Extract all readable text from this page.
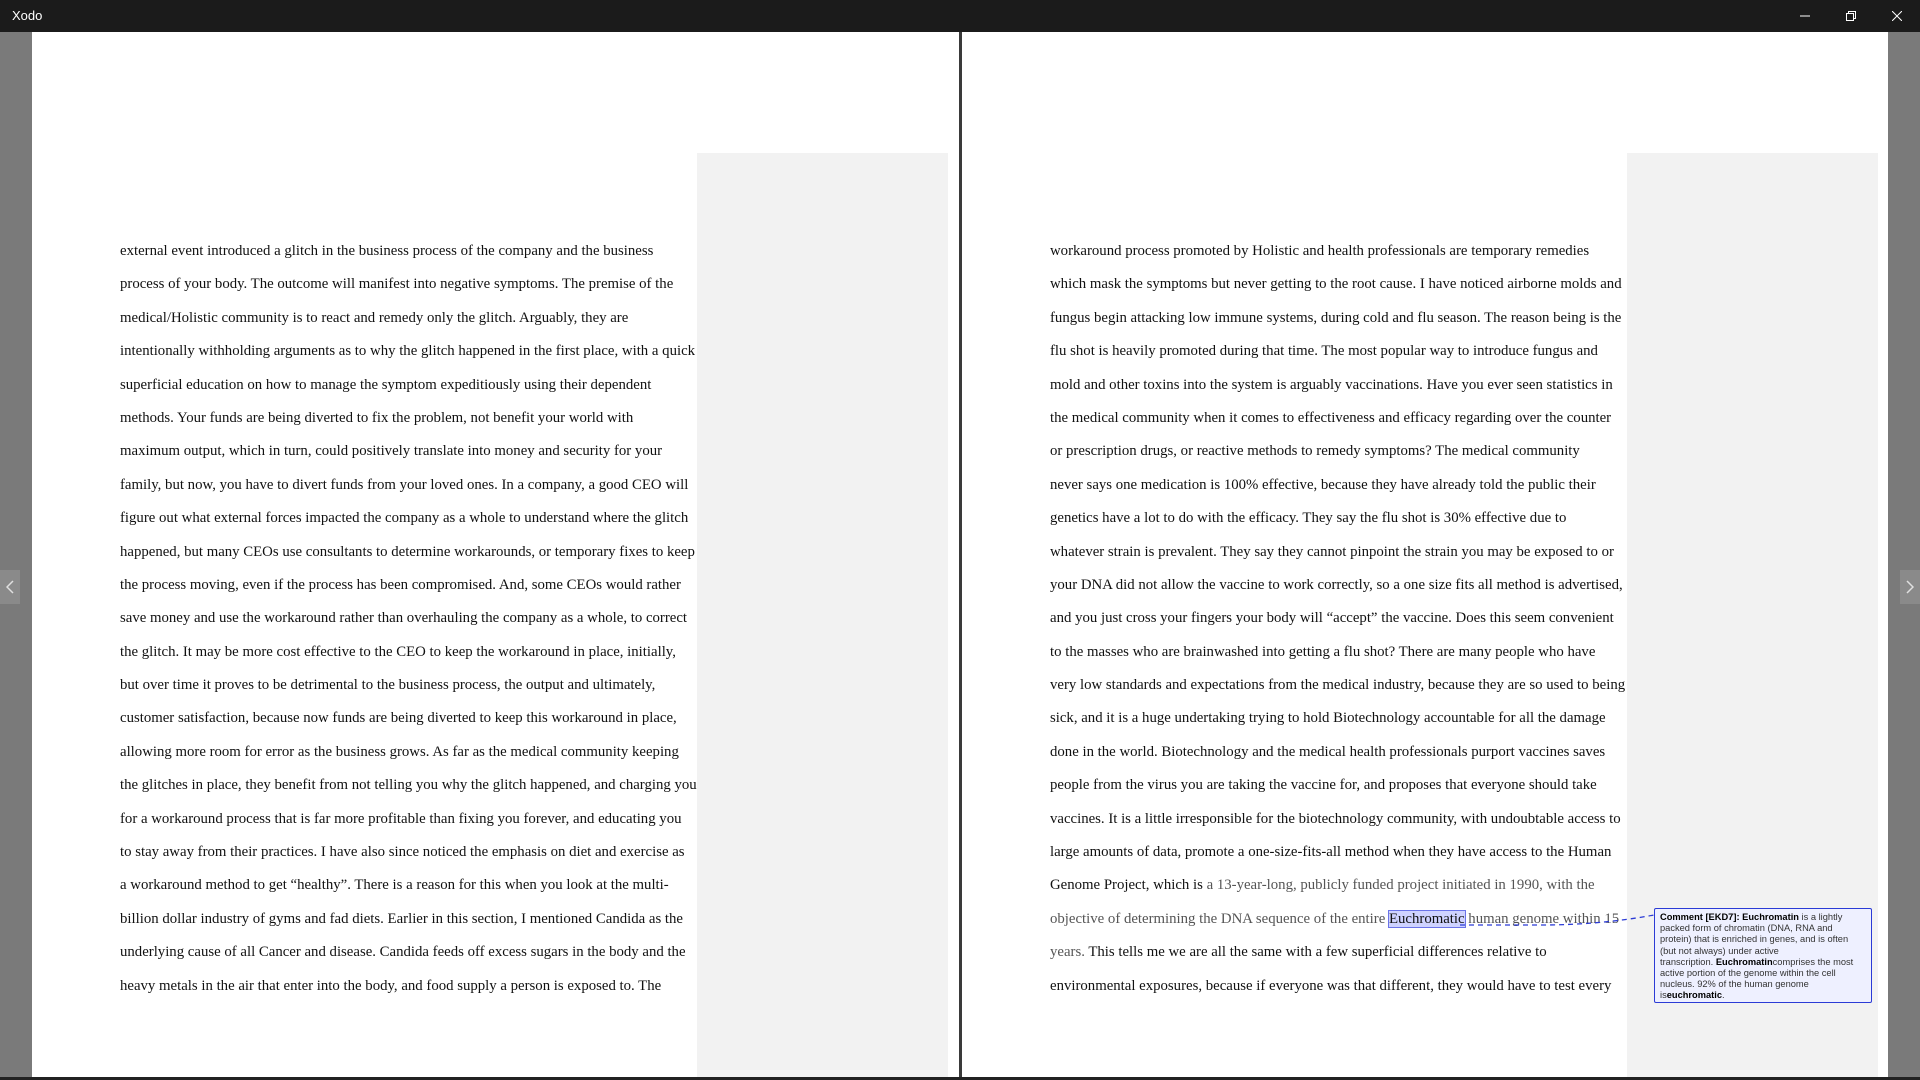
Xodo
external event introduced a glitch in the business process of the company and the business
process of your body. The outcome will manifest into negative symptoms. The premise of the
medical/Holistic community is to react and remedy only the glitch. Arguably, they are
intentionally withholding arguments as to why the glitch happened in the first place, with a quick
superficial education on how to manage the symptom expeditiously using their dependent
methods. Your funds are being diverted to fix the problem, not benefit your world with
maximum output, which in turn, could positively translate into money and security for your
family, but now, you have to divert funds from your loved ones. In a company, a good CEO will
figure out what external forces impacted the company as a whole to understand where the glitch
happened, but many CEOs use consultants to determine workarounds, or temporary fixes to keep
the process moving, even if the process has been compromised. And, some CEOs would rather
save money and use the workaround rather than overhauling the company as a whole, to correct
the glitch. It may be more cost effective to the CEO to keep the workaround in place, initially,
but over time it proves to be detrimental to the business process, the output and ultimately,
customer satisfaction, because now funds are being diverted to keep this workaround in place,
allowing more room for error as the business grows. As far as the medical community keeping
the glitches in place, they benefit from not telling you why the glitch happened, and charging you
for a workaround process that is far more profitable than fixing you forever, and educating you
to stay away from their practices. I have also since noticed the emphasis on diet and exercise as
a workaround method to get “healthy”. There is a reason for this when you look at the multi-
billion dollar industry of gyms and fad diets. Earlier in this section, I mentioned Candida as the
underlying cause of all Cancer and disease. Candida feeds off excess sugars in the body and the
heavy metals in the air that enter into the body, and food supply a person is exposed to. The
workaround process promoted by Holistic and health professionals are temporary remedies
which mask the symptoms but never getting to the root cause. I have noticed airborne molds and
fungus begin attacking low immune systems, during cold and flu season. The reason being is the
flu shot is heavily promoted during that time. The most popular way to introduce fungus and
mold and other toxins into the system is arguably vaccinations. Have you ever seen statistics in
the medical community when it comes to effectiveness and efficacy regarding over the counter
or prescription drugs, or reactive methods to remedy symptoms? The medical community
never says one medication is 100% effective, because they have already told the public their
genetics have a lot to do with the efficacy. They say the flu shot is 30% effective due to
whatever strain is prevalent. They say they cannot pinpoint the strain you may be exposed to or
your DNA did not allow the vaccine to work correctly, so a one size fits all method is advertised,
and you just cross your fingers your body will “accept” the vaccine. Does this seem convenient
to the masses who are brainwashed into getting a flu shot? There are many people who have
very low standards and expectations from the medical industry, because they are so used to being
sick, and it is a huge undertaking trying to hold Biotechnology accountable for all the damage
done in the world. Biotechnology and the medical health professionals purport vaccines saves
people from the virus you are taking the vaccine for, and proposes that everyone should take
vaccines. It is a little irresponsible for the biotechnology community, with undoubtable access to
large amounts of data, promote a one-size-fits-all method when they have access to the Human
Genome Project, which is a 13-year-long, publicly funded project initiated in 1990, with the
objective of determining the DNA sequence of the entire Euchromatic human genome within 15
years. This tells me we are all the same with a few superficial differences relative to
environmental exposures, because if everyone was that different, they would have to test every
Comment [EKD7]: Euchromatin is a lightly
packed form of chromatin (DNA, RNA and
protein) that is enriched in genes, and is often
(but not always) under active
transcription. Euchromatincomprises the most
active portion of the genome within the cell
nucleus. 92% of the human genome
iseuchromatic.
